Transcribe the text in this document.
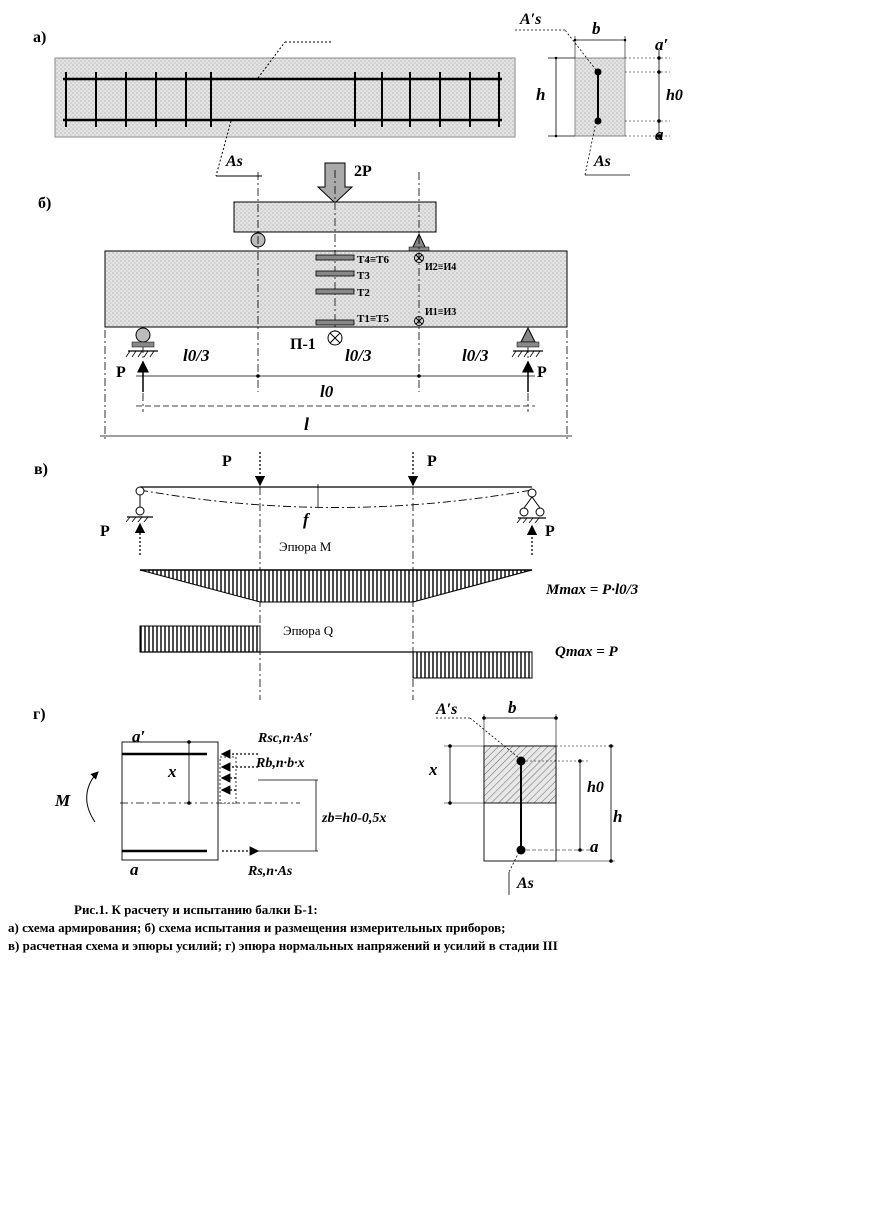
а)
As
h
b
a′
h0
a
A′s
As
б)
2P
T4≡T6
T3
T2
T1≡T5
И2≡И4
И1≡И3
П-1
l0/3	l0/3	l0/3
P	P
l0
l
в)	P	P
P	P
f
Эпюра M
Mmax = P·l0/3
Эпюра Q
Qmax = P
г)
x
a′
a
M
Rsc,n·As′
Rb,n·b·x
zb=h0-0,5x
Rs,n·As
b
A′s
x
h0
h
a
As
Рис.1. К расчету и испытанию балки Б-1:
а) схема армирования; б) схема испытания и размещения измерительных приборов;
в) расчетная схема и эпюры усилий; г) эпюра нормальных напряжений и усилий в стадии III
